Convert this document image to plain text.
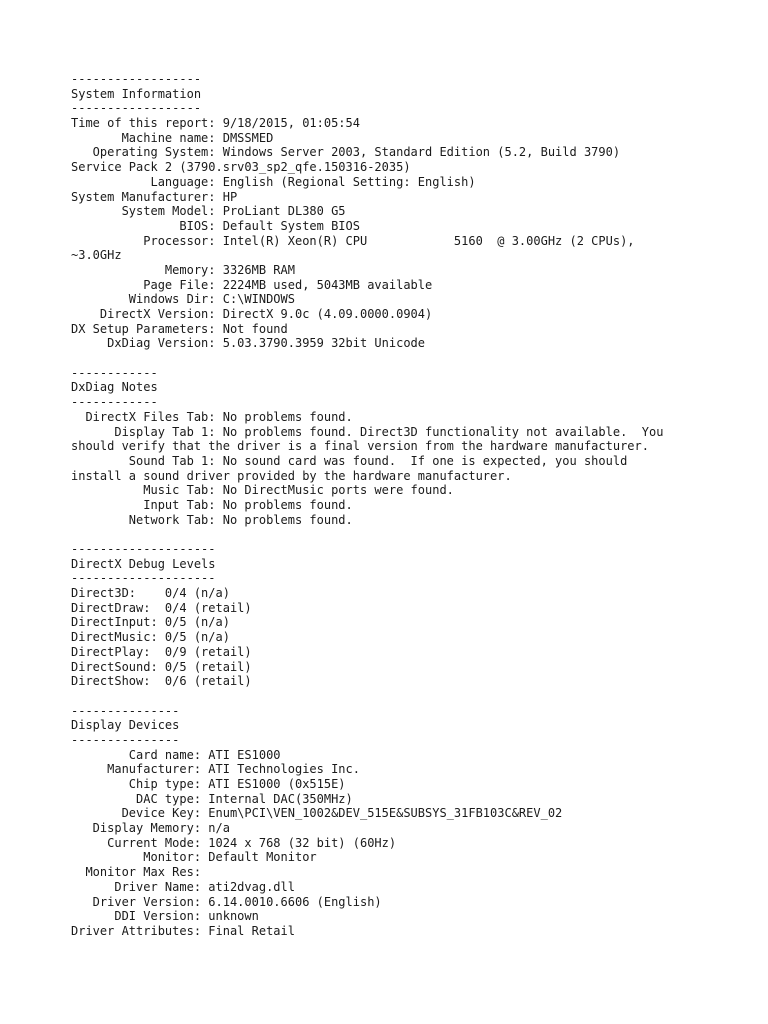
------------------
System Information
------------------
Time of this report: 9/18/2015, 01:05:54
Machine name: DMSSMED
Operating System: Windows Server 2003, Standard Edition (5.2, Build 3790)
Service Pack 2 (3790.srv03_sp2_qfe.150316-2035)
Language: English (Regional Setting: English)
System Manufacturer: HP
System Model: ProLiant DL380 G5
BIOS: Default System BIOS
Processor: Intel(R) Xeon(R) CPU            5160  @ 3.00GHz (2 CPUs),
~3.0GHz
Memory: 3326MB RAM
Page File: 2224MB used, 5043MB available
Windows Dir: C:\WINDOWS
DirectX Version: DirectX 9.0c (4.09.0000.0904)
DX Setup Parameters: Not found
DxDiag Version: 5.03.3790.3959 32bit Unicode
------------
DxDiag Notes
------------
DirectX Files Tab: No problems found.
Display Tab 1: No problems found. Direct3D functionality not available.  You
should verify that the driver is a final version from the hardware manufacturer.
Sound Tab 1: No sound card was found.  If one is expected, you should
install a sound driver provided by the hardware manufacturer.
Music Tab: No DirectMusic ports were found.
Input Tab: No problems found.
Network Tab: No problems found.
--------------------
DirectX Debug Levels
--------------------
Direct3D:    0/4 (n/a)
DirectDraw:  0/4 (retail)
DirectInput: 0/5 (n/a)
DirectMusic: 0/5 (n/a)
DirectPlay:  0/9 (retail)
DirectSound: 0/5 (retail)
DirectShow:  0/6 (retail)
---------------
Display Devices
---------------
Card name: ATI ES1000
Manufacturer: ATI Technologies Inc.
Chip type: ATI ES1000 (0x515E)
DAC type: Internal DAC(350MHz)
Device Key: Enum\PCI\VEN_1002&DEV_515E&SUBSYS_31FB103C&REV_02
Display Memory: n/a
Current Mode: 1024 x 768 (32 bit) (60Hz)
Monitor: Default Monitor
Monitor Max Res:
Driver Name: ati2dvag.dll
Driver Version: 6.14.0010.6606 (English)
DDI Version: unknown
Driver Attributes: Final Retail
